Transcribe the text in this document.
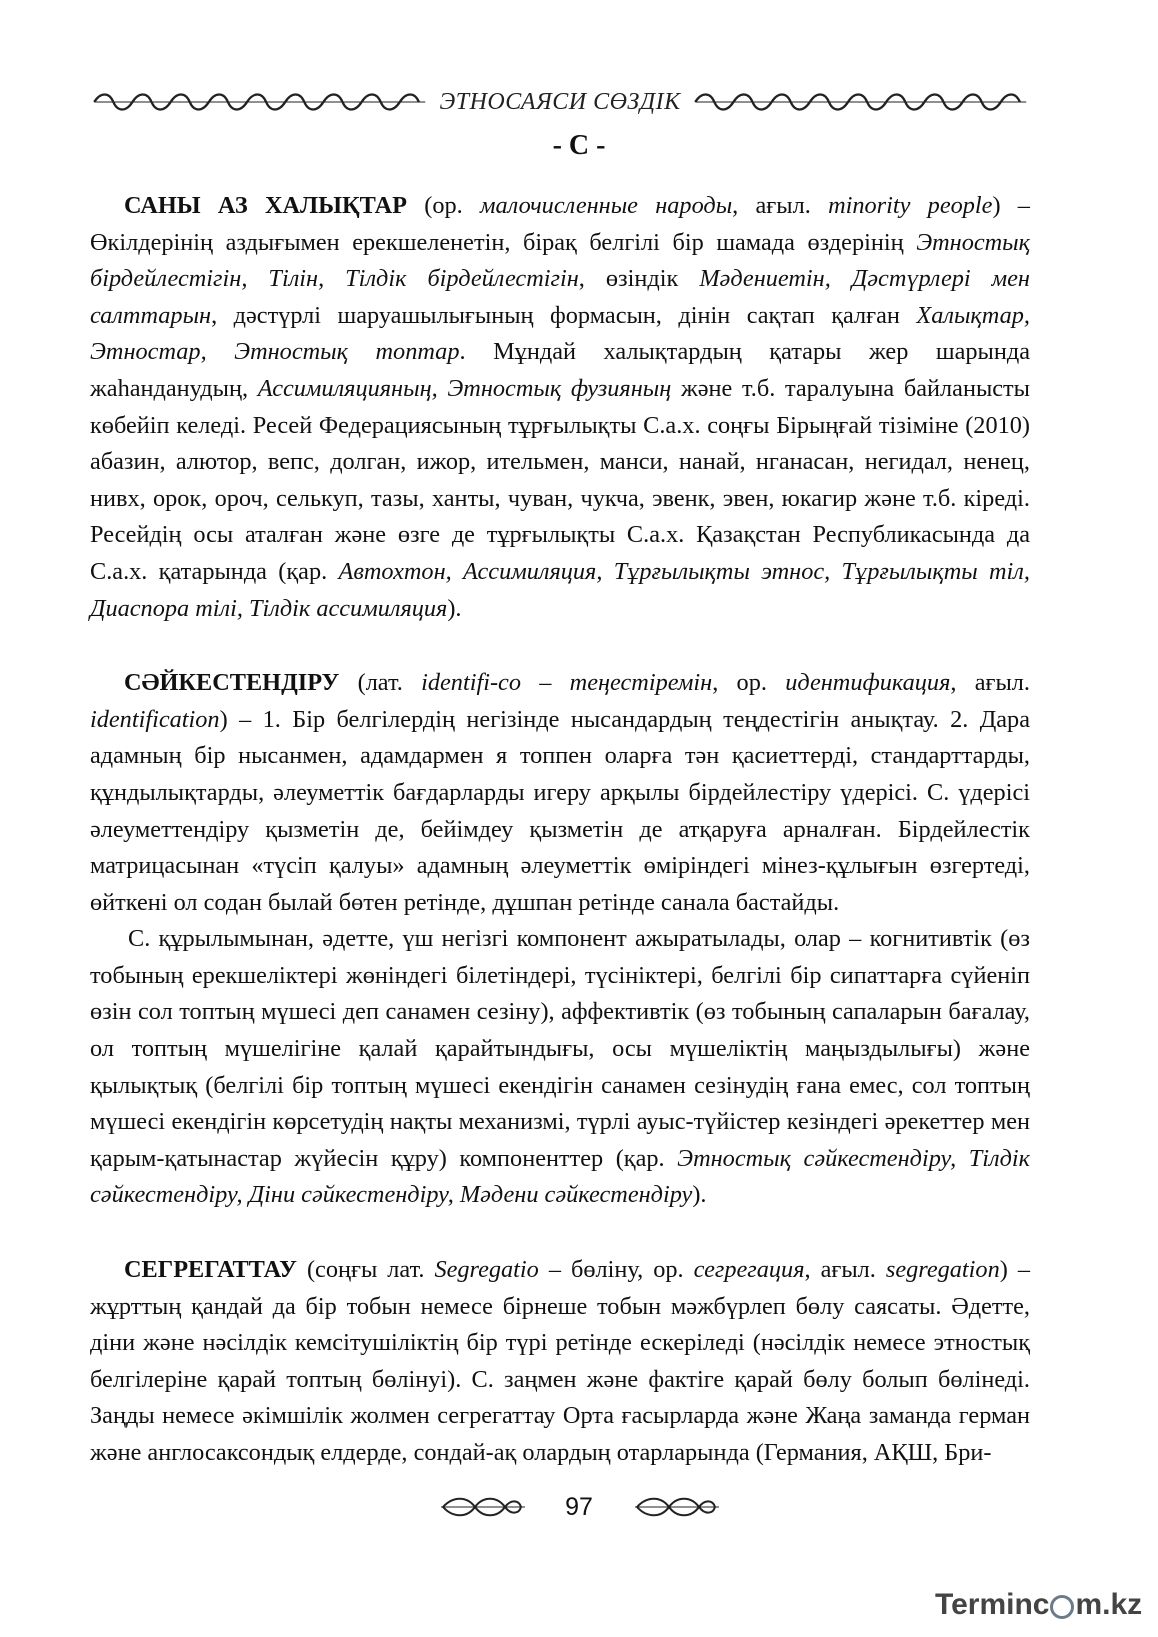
ЭТНОСАЯСИ СӨЗДІК
- С -

САНЫ АЗ ХАЛЫҚТАР (ор. малочисленные народы, ағыл. minority people) – Өкілдерінің аздығымен ерекшеленетін, бірақ белгілі бір шамада өздерінің Этностық бірдейлестігін, Тілін, Тілдік бірдейлестігін, өзіндік Мәдениетін, Дәстүрлері мен салттарын, дәстүрлі шаруашылығының формасын, дінін сақтап қалған Халықтар, Этностар, Этностық топтар. Мұндай халықтардың қатары жер шарында жаһанданудың, Ассимиляцияның, Этностық фузияның және т.б. таралуына байланысты көбейіп келеді. Ресей Федерациясының тұрғылықты С.а.х. соңғы Бірыңғай тізіміне (2010) абазин, алютор, вепс, долган, ижор, ительмен, манси, нанай, нганасан, негидал, ненец, нивх, орок, ороч, селькуп, тазы, ханты, чуван, чукча, эвенк, эвен, юкагир және т.б. кіреді. Ресейдің осы аталған және өзге де тұрғылықты С.а.х. Қазақстан Республикасында да С.а.х. қатарында (қар. Автохтон, Ассимиляция, Тұрғылықты этнос, Тұрғылықты тіл, Диаспора тілі, Тілдік ассимиляция).

СӘЙКЕСТЕНДІРУ (лат. identifi-co – теңестіремін, ор. идентификация, ағыл. identification) – 1. Бір белгілердің негізінде нысандардың теңдестігін анықтау. 2. Дара адамның бір нысанмен, адамдармен я топпен оларға тән қасиеттерді, стандарттарды, құндылықтарды, әлеуметтік бағдарларды игеру арқылы бірдейлестіру үдерісі. С. үдерісі әлеуметтендіру қызметін де, бейімдеу қызметін де атқаруға арналған. Бірдейлестік матрицасынан «түсіп қалуы» адамның әлеуметтік өміріндегі мінез-құлығын өзгертеді, өйткені ол содан былай бөтен ретінде, дұшпан ретінде санала бастайды.

С. құрылымынан, әдетте, үш негізгі компонент ажыратылады, олар – когнитивтік (өз тобының ерекшеліктері жөніндегі білетіндері, түсініктері, белгілі бір сипаттарға сүйеніп өзін сол топтың мүшесі деп санамен сезіну), аффективтік (өз тобының сапаларын бағалау, ол топтың мүшелігіне қалай қарайтындығы, осы мүшеліктің маңыздылығы) және қылықтық (белгілі бір топтың мүшесі екендігін санамен сезінудің ғана емес, сол топтың мүшесі екендігін көрсетудің нақты механизмі, түрлі ауыс-түйістер кезіндегі әрекеттер мен қарым-қатынастар жүйесін құру) компоненттер (қар. Этностық сәйкестендіру, Тілдік сәйкестендіру, Діни сәйкестендіру, Мәдени сәйкестендіру).

СЕГРЕГАТТАУ (соңғы лат. Segregatio – бөліну, ор. сегрегация, ағыл. segregation) – жұрттың қандай да бір тобын немесе бірнеше тобын мәжбүрлеп бөлу саясаты. Әдетте, діни және нәсілдік кемсітушіліктің бір түрі ретінде ескеріледі (нәсілдік немесе этностық белгілеріне қарай топтың бөлінуі). С. заңмен және фактіге қарай бөлу болып бөлінеді. Заңды немесе әкімшілік жолмен сегрегаттау Орта ғасырларда және Жаңа заманда герман және англосаксондық елдерде, сондай-ақ олардың отарларында (Германия, АҚШ, Бри-

97
Terminc m.kz
